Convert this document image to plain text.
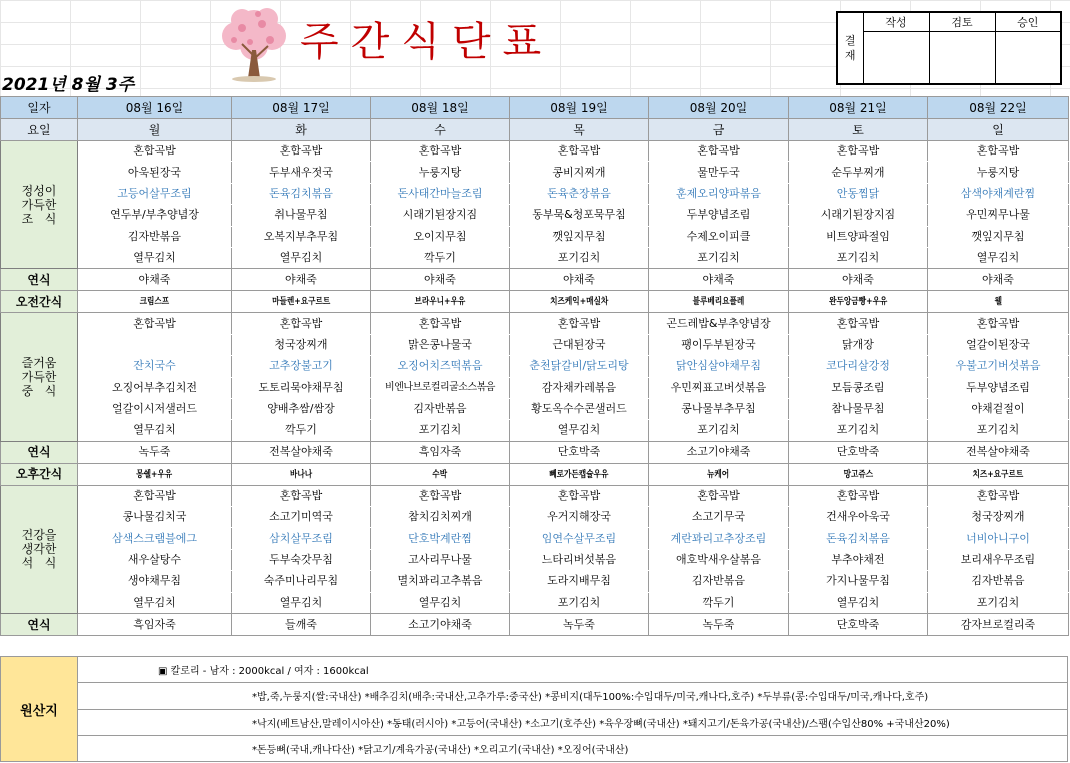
주간식단표
2021년 8월 3주
결재	작성	검토	승인

일자	08월 16일	08월 17일	08월 18일	08월 19일	08월 20일	08월 21일	08월 22일
요일	월	화	수	목	금	토	일
정성이
가득한
조   식	혼합곡밥	혼합곡밥	혼합곡밥	혼합곡밥	혼합곡밥	혼합곡밥	혼합곡밥
	아욱된장국	두부새우젓국	누룽지탕	콩비지찌개	물만두국	순두부찌개	누룽지탕
	고등어살무조림	돈육김치볶음	돈사태간마늘조림	돈육춘장볶음	훈제오리양파볶음	안동찜닭	삼색야채계란찜
	연두부/부추양념장	취나물무침	시래기된장지짐	동부묵&청포묵무침	두부양념조림	시래기된장지짐	우민찌무나물
	김자반볶음	오복지부추무침	오이지무침	깻잎지무침	수제오이피클	비트양파절임	깻잎지무침
	열무김치	열무김치	깍두기	포기김치	포기김치	포기김치	열무김치
연식	야채죽	야채죽	야채죽	야채죽	야채죽	야채죽	야채죽
오전간식	크림스프	마들렌+요구르트	브라우니+우유	치즈케익+매실차	블루베리요플레	완두앙금빵+우유	웰
즐거움
가득한
중   식	혼합곡밥	혼합곡밥	혼합곡밥	혼합곡밥	곤드레밥&부추양념장	혼합곡밥	혼합곡밥
		청국장찌개	맑은콩나물국	근대된장국	팽이두부된장국	닭개장	얼갈이된장국
	잔치국수	고추장불고기	오징어치즈떡볶음	춘천닭갈비/닭도리탕	닭안심살야채무침	코다리살강정	우불고기버섯볶음
	오징어부추김치전	도토리묵야채무침	비엔나브로컬리굴소스볶음	감자채카레볶음	우민찌표고버섯볶음	모듬콩조림	두부양념조림
	얼갈이시저샐러드	양배추쌈/쌈장	김자반볶음	황도옥수수콘샐러드	콩나물부추무침	참나물무침	야채겉절이
	열무김치	깍두기	포기김치	열무김치	포기김치	포기김치	포기김치
연식	녹두죽	전복살야채죽	흑임자죽	단호박죽	소고기야채죽	단호박죽	전복살야채죽
오후간식	몽쉘+우유	바나나	수박	뻬로가든캡슐우유	뉴케어	망고쥬스	치즈+요구르트
건강을
생각한
석   식	혼합곡밥	혼합곡밥	혼합곡밥	혼합곡밥	혼합곡밥	혼합곡밥	혼합곡밥
	콩나물김치국	소고기미역국	참치김치찌개	우거지해장국	소고기무국	건새우아욱국	청국장찌개
	삼색스크램블에그	삼치살무조림	단호박계란찜	임연수살무조림	계란꽈리고추장조림	돈육김치볶음	너비아니구이
	새우살탕수	두부숙갓무침	고사리무나물	느타리버섯볶음	애호박새우살볶음	부추야채전	보리새우무조림
	생야채무침	숙주미나리무침	멸치꽈리고추볶음	도라지배무침	김자반볶음	가지나물무침	김자반볶음
	열무김치	열무김치	열무김치	포기김치	깍두기	열무김치	포기김치
연식	흑임자죽	들깨죽	소고기야채죽	녹두죽	녹두죽	단호박죽	감자브로컬리죽
원산지	▣ 칼로리 - 남자 : 2000kcal / 여자 : 1600kcal
*밥,죽,누룽지(쌀:국내산) *배추김치(배추:국내산,고추가루:중국산) *콩비지(대두100%:수입대두/미국,캐나다,호주) *두부류(콩:수입대두/미국,캐나다,호주)
*낙지(베트남산,말레이시아산) *동태(러시아) *고등어(국내산) *소고기(호주산) *육우장뼈(국내산) *돼지고기/돈육가공(국내산)/스팸(수입산80% +국내산20%)
*돈등뼈(국내,캐나다산) *닭고기/계육가공(국내산) *오리고기(국내산) *오징어(국내산)
